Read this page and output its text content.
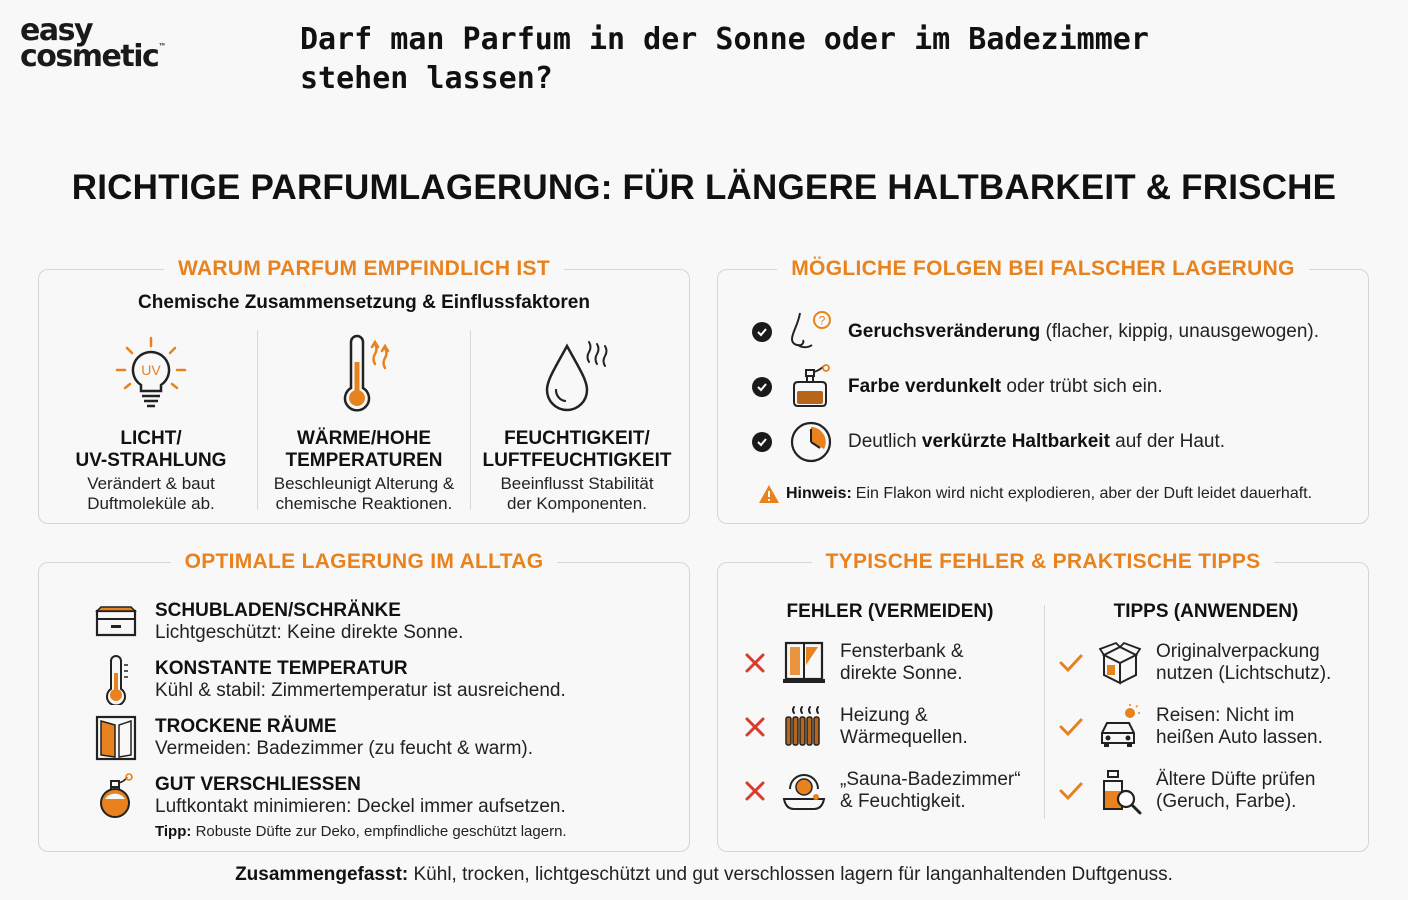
easy
cosmetic™	Darf man Parfum in der Sonne oder im Badezimmer stehen lassen?
RICHTIGE PARFUMLAGERUNG: FÜR LÄNGERE HALTBARKEIT & FRISCHE
WARUM PARFUM EMPFINDLICH IST
Chemische Zusammensetzung & Einflussfaktoren
UV
LICHT/
UV-STRAHLUNG
Verändert & baut
Duftmoleküle ab.
WÄRME/HOHE
TEMPERATUREN
Beschleunigt Alterung &
chemische Reaktionen.
FEUCHTIGKEIT/
LUFTFEUCHTIGKEIT
Beeinflusst Stabilität
der Komponenten.
MÖGLICHE FOLGEN BEI FALSCHER LAGERUNG
?
Geruchsveränderung (flacher, kippig, unausgewogen).
Farbe verdunkelt oder trübt sich ein.
Deutlich verkürzte Haltbarkeit auf der Haut.
Hinweis: Ein Flakon wird nicht explodieren, aber der Duft leidet dauerhaft.
OPTIMALE LAGERUNG IM ALLTAG
SCHUBLADEN/SCHRÄNKE
Lichtgeschützt: Keine direkte Sonne.
KONSTANTE TEMPERATUR
Kühl & stabil: Zimmertemperatur ist ausreichend.
TROCKENE RÄUME
Vermeiden: Badezimmer (zu feucht & warm).
GUT VERSCHLIESSEN
Luftkontakt minimieren: Deckel immer aufsetzen.
Tipp: Robuste Düfte zur Deko, empfindliche geschützt lagern.
TYPISCHE FEHLER & PRAKTISCHE TIPPS
FEHLER (VERMEIDEN)
Fensterbank &
direkte Sonne.
Heizung &
Wärmequellen.
„Sauna-Badezimmer“
& Feuchtigkeit.
TIPPS (ANWENDEN)
Originalverpackung
nutzen (Lichtschutz).
Reisen: Nicht im
heißen Auto lassen.
Ältere Düfte prüfen
(Geruch, Farbe).
Zusammengefasst: Kühl, trocken, lichtgeschützt und gut verschlossen lagern für langanhaltenden Duftgenuss.
